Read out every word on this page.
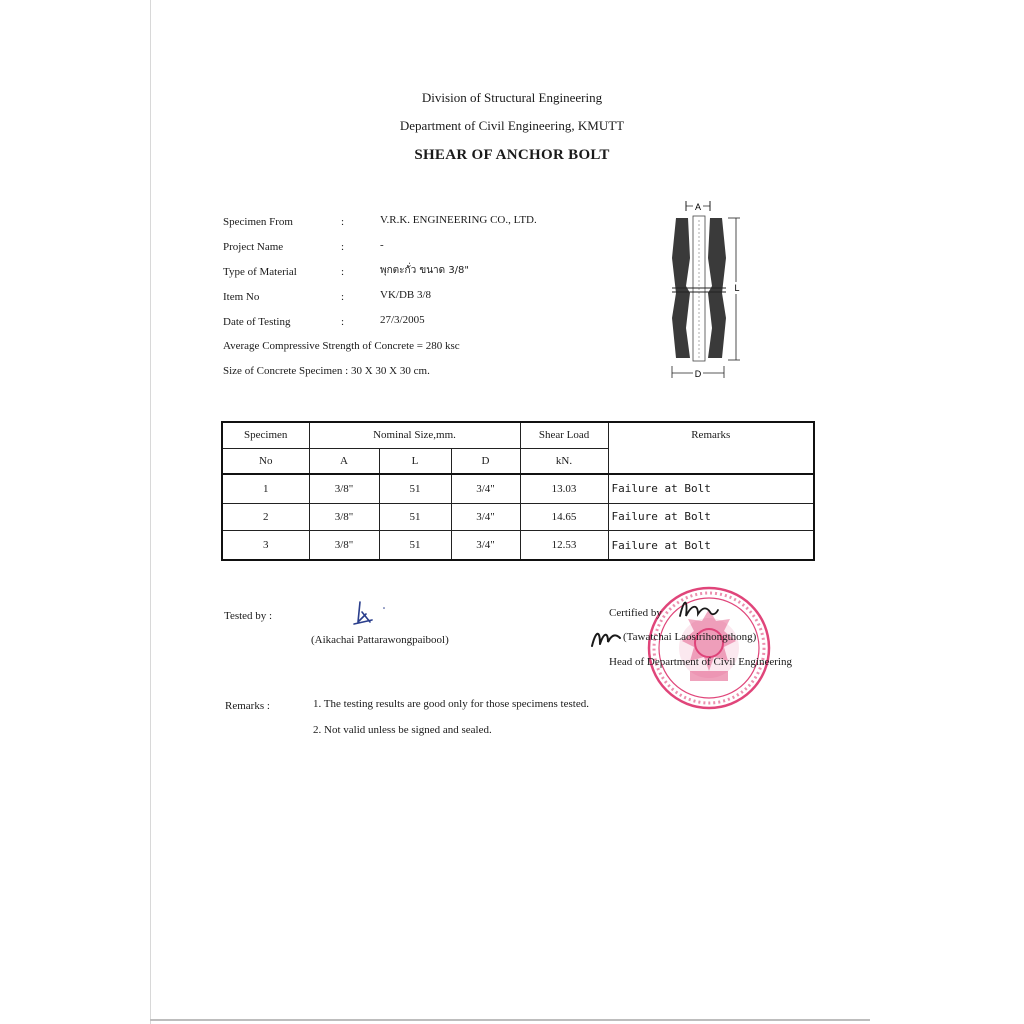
Division of Structural Engineering
Department of Civil Engineering, KMUTT
SHEAR OF ANCHOR BOLT
Specimen From	:	V.R.K. ENGINEERING CO., LTD.
Project Name	:	-
Type of Material	:	พุกตะกั่ว ขนาด 3/8"
Item No	:	VK/DB 3/8
Date of Testing	:	27/3/2005
Average Compressive Strength of Concrete = 280 ksc
Size of Concrete Specimen : 30 X 30 X 30 cm.
A
L
D
Specimen	Nominal Size,mm.			Shear Load	Remarks
No	A	L	D	kN.	
1	3/8"	51	3/4"	13.03	Failure at Bolt
2	3/8"	51	3/4"	14.65	Failure at Bolt
3	3/8"	51	3/4"	12.53	Failure at Bolt
Tested by :
(Aikachai Pattarawongpaibool)
Certified by
(Tawatchai Laosirihongthong)
Head of Department of Civil Engineering
Remarks :	1. The testing results are good only for those specimens tested.
2. Not valid unless be signed and sealed.
